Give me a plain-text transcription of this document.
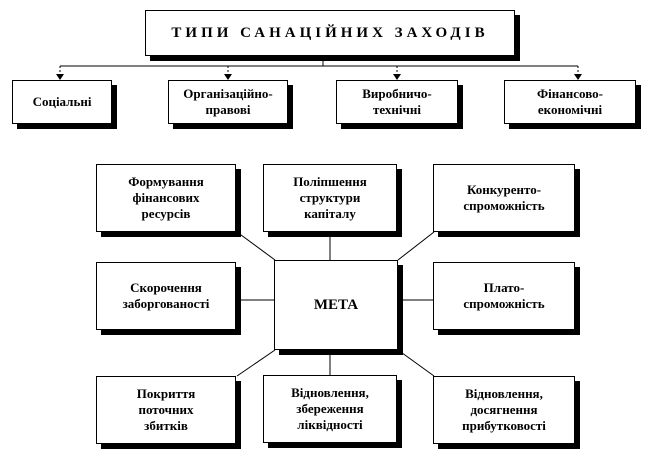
ТИПИ САНАЦІЙНИХ ЗАХОДІВ
Соціальні
Організаційно-
правові
Виробничо-
технічні
Фінансово-
економічні
Формування
фінансових
ресурсів
Поліпшення
структури
капіталу
Конкуренто-
спроможність
Скорочення
заборгованості	МЕТА
Плато-
спроможність
Покриття
поточних
збитків
Відновлення,
збереження
ліквідності
Відновлення,
досягнення
прибутковості
